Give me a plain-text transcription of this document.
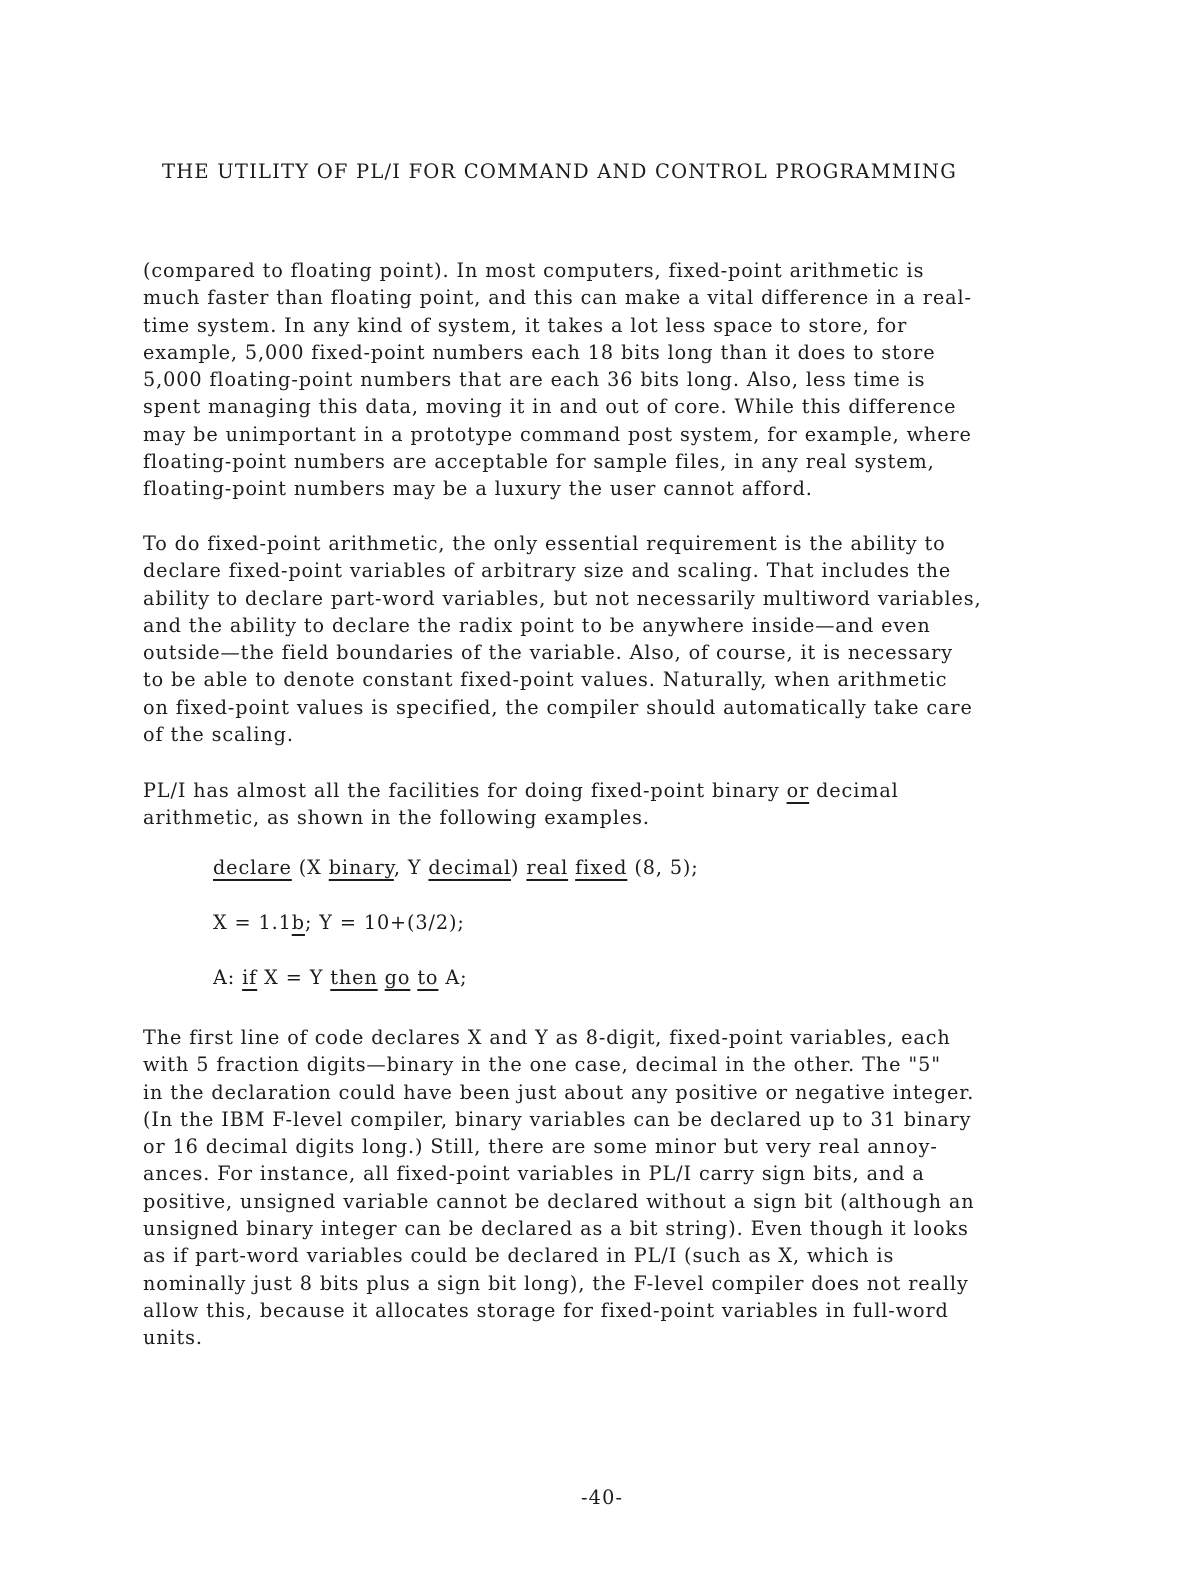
THE UTILITY OF PL/I FOR COMMAND AND CONTROL PROGRAMMING
(compared to floating point). In most computers, fixed-point arithmetic is
much faster than floating point, and this can make a vital difference in a real-
time system. In any kind of system, it takes a lot less space to store, for
example, 5,000 fixed-point numbers each 18 bits long than it does to store
5,000 floating-point numbers that are each 36 bits long. Also, less time is
spent managing this data, moving it in and out of core. While this difference
may be unimportant in a prototype command post system, for example, where
floating-point numbers are acceptable for sample files, in any real system,
floating-point numbers may be a luxury the user cannot afford.
To do fixed-point arithmetic, the only essential requirement is the ability to
declare fixed-point variables of arbitrary size and scaling. That includes the
ability to declare part-word variables, but not necessarily multiword variables,
and the ability to declare the radix point to be anywhere inside—and even
outside—the field boundaries of the variable. Also, of course, it is necessary
to be able to denote constant fixed-point values. Naturally, when arithmetic
on fixed-point values is specified, the compiler should automatically take care
of the scaling.
PL/I has almost all the facilities for doing fixed-point binary or decimal
arithmetic, as shown in the following examples.
declare (X binary, Y decimal) real fixed (8, 5);
X = 1.1b; Y = 10+(3/2);
A: if X = Y then go to A;
The first line of code declares X and Y as 8-digit, fixed-point variables, each
with 5 fraction digits—binary in the one case, decimal in the other. The "5"
in the declaration could have been just about any positive or negative integer.
(In the IBM F-level compiler, binary variables can be declared up to 31 binary
or 16 decimal digits long.) Still, there are some minor but very real annoy-
ances. For instance, all fixed-point variables in PL/I carry sign bits, and a
positive, unsigned variable cannot be declared without a sign bit (although an
unsigned binary integer can be declared as a bit string). Even though it looks
as if part-word variables could be declared in PL/I (such as X, which is
nominally just 8 bits plus a sign bit long), the F-level compiler does not really
allow this, because it allocates storage for fixed-point variables in full-word
units.
-40-
